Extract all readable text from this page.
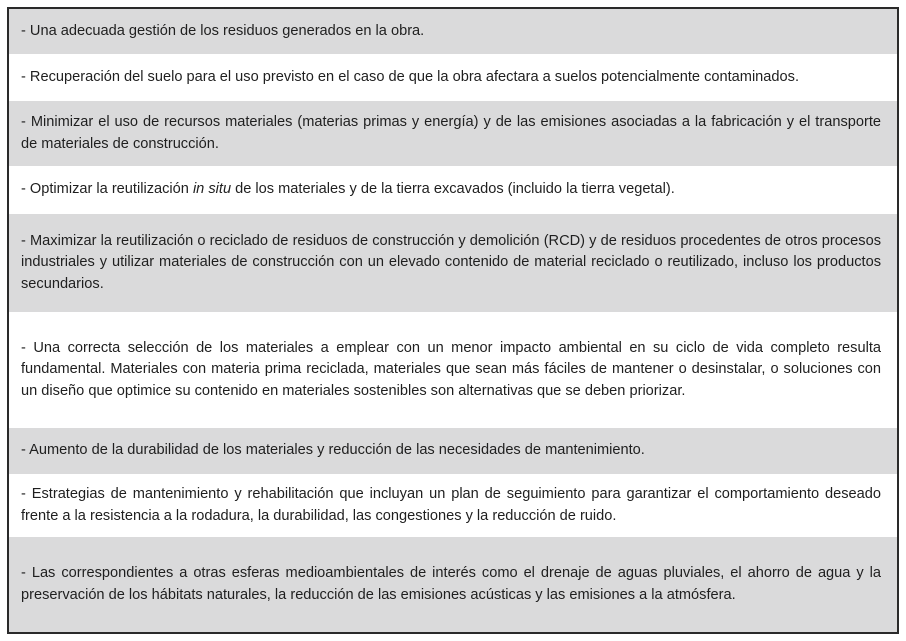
- Una adecuada gestión de los residuos generados en la obra.

- Recuperación del suelo para el uso previsto en el caso de que la obra afectara a suelos potencialmente contaminados.

- Minimizar el uso de recursos materiales (materias primas y energía) y de las emisiones asociadas a la fabricación y el transporte de materiales de construcción.

- Optimizar la reutilización in situ de los materiales y de la tierra excavados (incluido la tierra vegetal).

- Maximizar la reutilización o reciclado de residuos de construcción y demolición (RCD) y de residuos procedentes de otros procesos industriales y utilizar materiales de construcción con un elevado contenido de material reciclado o reutilizado, incluso los productos secundarios.

- Una correcta selección de los materiales a emplear con un menor impacto ambiental en su ciclo de vida completo resulta fundamental. Materiales con materia prima reciclada, materiales que sean más fáciles de mantener o desinstalar, o soluciones con un diseño que optimice su contenido en materiales sostenibles son alternativas que se deben priorizar.

- Aumento de la durabilidad de los materiales y reducción de las necesidades de mantenimiento.

- Estrategias de mantenimiento y rehabilitación que incluyan un plan de seguimiento para garantizar el comportamiento deseado frente a la resistencia a la rodadura, la durabilidad, las congestiones y la reducción de ruido.

- Las correspondientes a otras esferas medioambientales de interés como el drenaje de aguas pluviales, el ahorro de agua y la preservación de los hábitats naturales, la reducción de las emisiones acústicas y las emisiones a la atmósfera.
